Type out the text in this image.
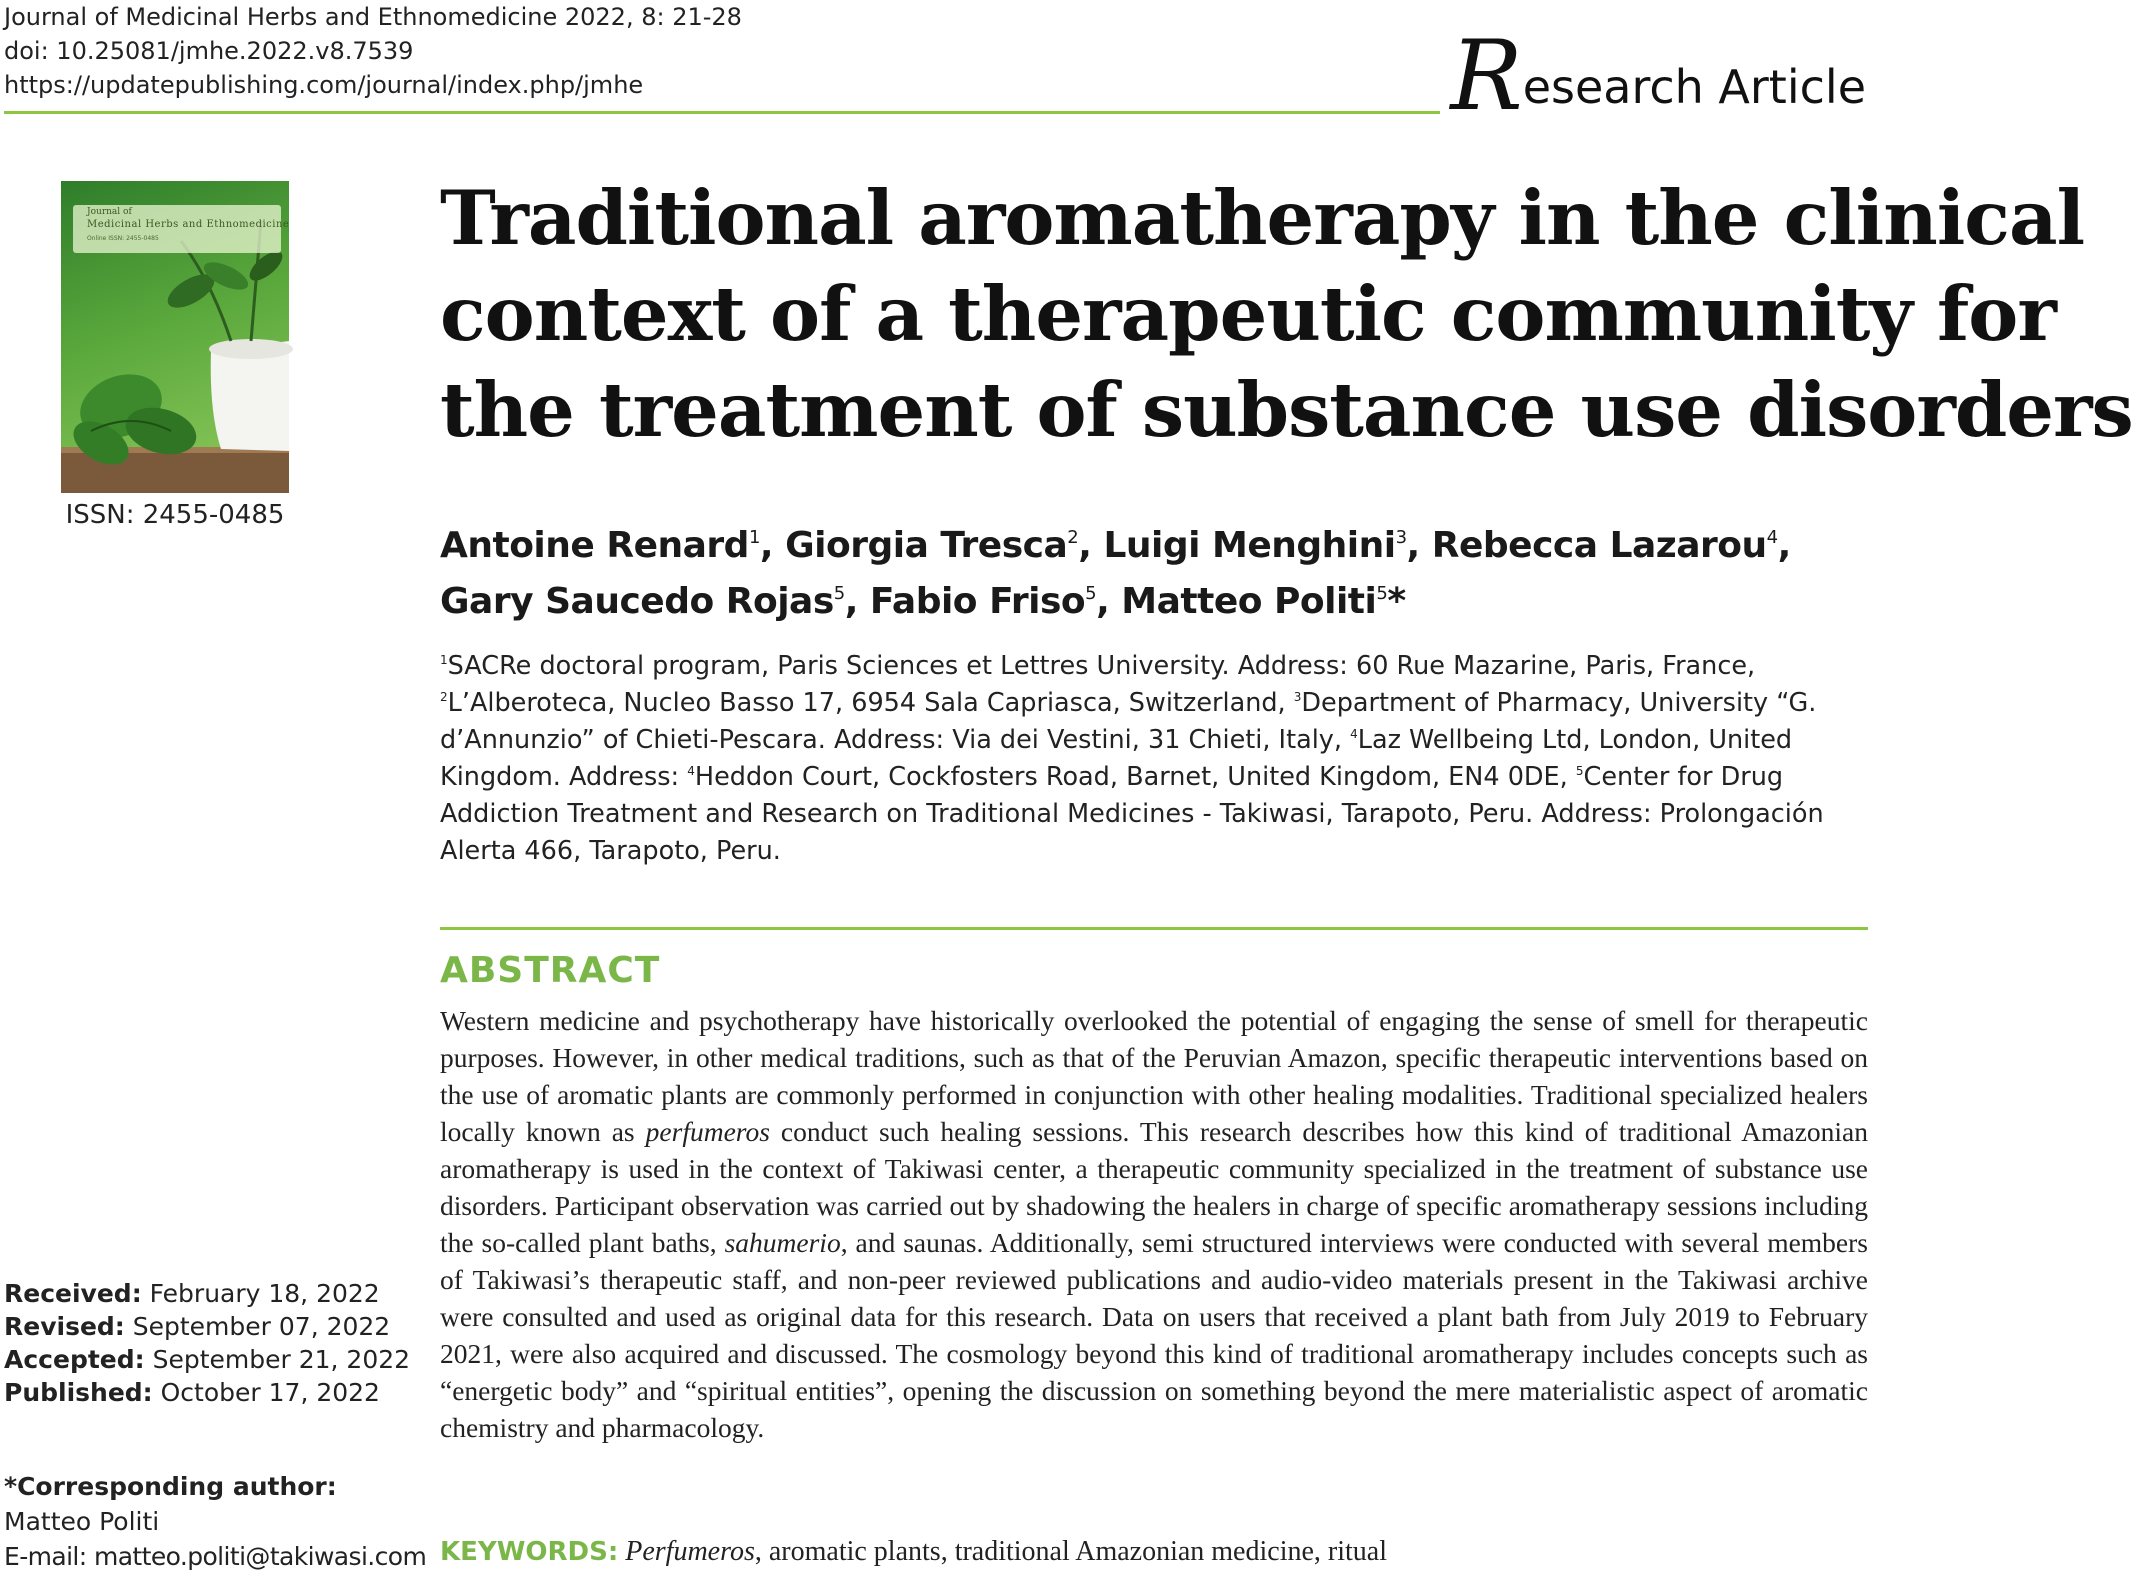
Journal of Medicinal Herbs and Ethnomedicine 2022, 8: 21-28
doi: 10.25081/jmhe.2022.v8.7539
https://updatepublishing.com/journal/index.php/jmhe	Research Article
Journal of
Medicinal Herbs and Ethnomedicine
Online ISSN: 2455-0485
ISSN: 2455-0485
Traditional aromatherapy in the clinical
context of a therapeutic community for
the treatment of substance use disorders
Antoine Renard$^1$, Giorgia Tresca$^2$, Luigi Menghini$^3$, Rebecca Lazarou$^4$,
Gary Saucedo Rojas$^5$, Fabio Friso$^5$, Matteo Politi$^5$*
$^1$SACRe doctoral program, Paris Sciences et Lettres University. Address: 60 Rue Mazarine, Paris, France, $^2$L’Alberoteca, Nucleo Basso 17, 6954 Sala Capriasca, Switzerland, $^3$Department of Pharmacy, University “G. d’Annunzio” of Chieti-Pescara. Address: Via dei Vestini, 31 Chieti, Italy, $^4$Laz Wellbeing Ltd, London, United Kingdom. Address: $^4$Heddon Court, Cockfosters Road, Barnet, United Kingdom, EN4 0DE, $^5$Center for Drug Addiction Treatment and Research on Traditional Medicines - Takiwasi, Tarapoto, Peru. Address: Prolongación Alerta 466, Tarapoto, Peru.
ABSTRACT
Western medicine and psychotherapy have historically overlooked the potential of engaging the sense of smell for therapeutic purposes. However, in other medical traditions, such as that of the Peruvian Amazon, specific therapeutic interventions based on the use of aromatic plants are commonly performed in conjunction with other healing modalities. Traditional specialized healers locally known as perfumeros conduct such healing sessions. This research describes how this kind of traditional Amazonian aromatherapy is used in the context of Takiwasi center, a therapeutic community specialized in the treatment of substance use disorders. Participant observation was carried out by shadowing the healers in charge of specific aromatherapy sessions including the so-called plant baths, sahumerio, and saunas. Additionally, semi structured interviews were conducted with several members of Takiwasi’s therapeutic staff, and non-peer reviewed publications and audio-video materials present in the Takiwasi archive were consulted and used as original data for this research. Data on users that received a plant bath from July 2019 to February 2021, were also acquired and discussed. The cosmology beyond this kind of traditional aromatherapy includes concepts such as “energetic body” and “spiritual entities”, opening the discussion on something beyond the mere materialistic aspect of aromatic chemistry and pharmacology.
Received: February 18, 2022
Revised: September 07, 2022
Accepted: September 21, 2022
Published: October 17, 2022
*Corresponding author:
Matteo Politi
E-mail: matteo.politi@takiwasi.com KEYWORDS: Perfumeros, aromatic plants, traditional Amazonian medicine, ritual
